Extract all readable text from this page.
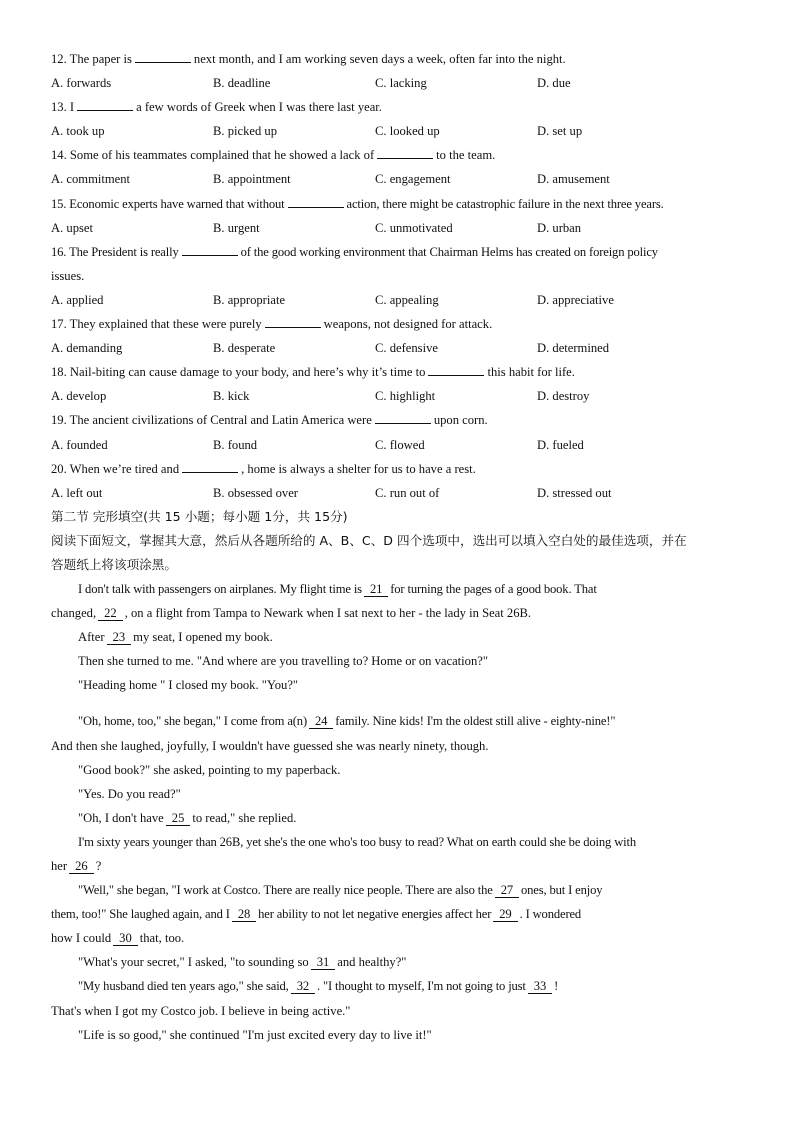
12. The paper is	next month, and I am working seven days a week, often far into the night.
A. forwards	B. deadline	C. lacking	D. due
13. I	a few words of Greek when I was there last year.
A. took up	B. picked up	C. looked up	D. set up
14. Some of his teammates complained that he showed a lack of	to the team.
A. commitment	B. appointment	C. engagement	D. amusement
15. Economic experts have warned that without	action, there might be catastrophic failure in the next three years.
A. upset	B. urgent	C. unmotivated	D. urban
16. The President is really	of the good working environment that Chairman Helms has created on foreign policy
issues.
A. applied	B. appropriate	C. appealing	D. appreciative
17. They explained that these were purely	weapons, not designed for attack.
A. demanding	B. desperate	C. defensive	D. determined
18. Nail-biting can cause damage to your body, and here’s why it’s time to	this habit for life.
A. develop	B. kick	C. highlight	D. destroy
19. The ancient civilizations of Central and Latin America were	upon corn.
A. founded	B. found	C. flowed	D. fueled
20. When we’re tired and	, home is always a shelter for us to have a rest.
A. left out	B. obsessed over	C. run out of	D. stressed out
第二节 完形填空(共 15 小题；每小题 1分，共 15分)
阅读下面短文，掌握其大意，然后从各题所给的 A、B、C、D 四个选项中，选出可以填入空白处的最佳选项，并在
答题纸上将该项涂黑。
I don't talk with passengers on airplanes. My flight time is 21 for turning the pages of a good book. That
changed, 22 , on a flight from Tampa to Newark when I sat next to her - the lady in Seat 26B.
After 23 my seat, I opened my book.
Then she turned to me. "And where are you travelling to? Home or on vacation?"
"Heading home " I closed my book. "You?"
"Oh, home, too," she began," I come from a(n) 24 family. Nine kids! I'm the oldest still alive - eighty-nine!"
And then she laughed, joyfully, I wouldn't have guessed she was nearly ninety, though.
"Good book?" she asked, pointing to my paperback.
"Yes. Do you read?"
"Oh, I don't have 25 to read," she replied.
I'm sixty years younger than 26B, yet she's the one who's too busy to read? What on earth could she be doing with
her 26 ?
"Well," she began, "I work at Costco. There are really nice people. There are also the 27 ones, but I enjoy
them, too!" She laughed again, and I 28 her ability to not let negative energies affect her 29 . I wondered
how I could 30 that, too.
"What's your secret," I asked, "to sounding so 31 and healthy?"
"My husband died ten years ago," she said, 32 . "I thought to myself, I'm not going to just 33 !
That's when I got my Costco job. I believe in being active."
"Life is so good," she continued "I'm just excited every day to live it!"
